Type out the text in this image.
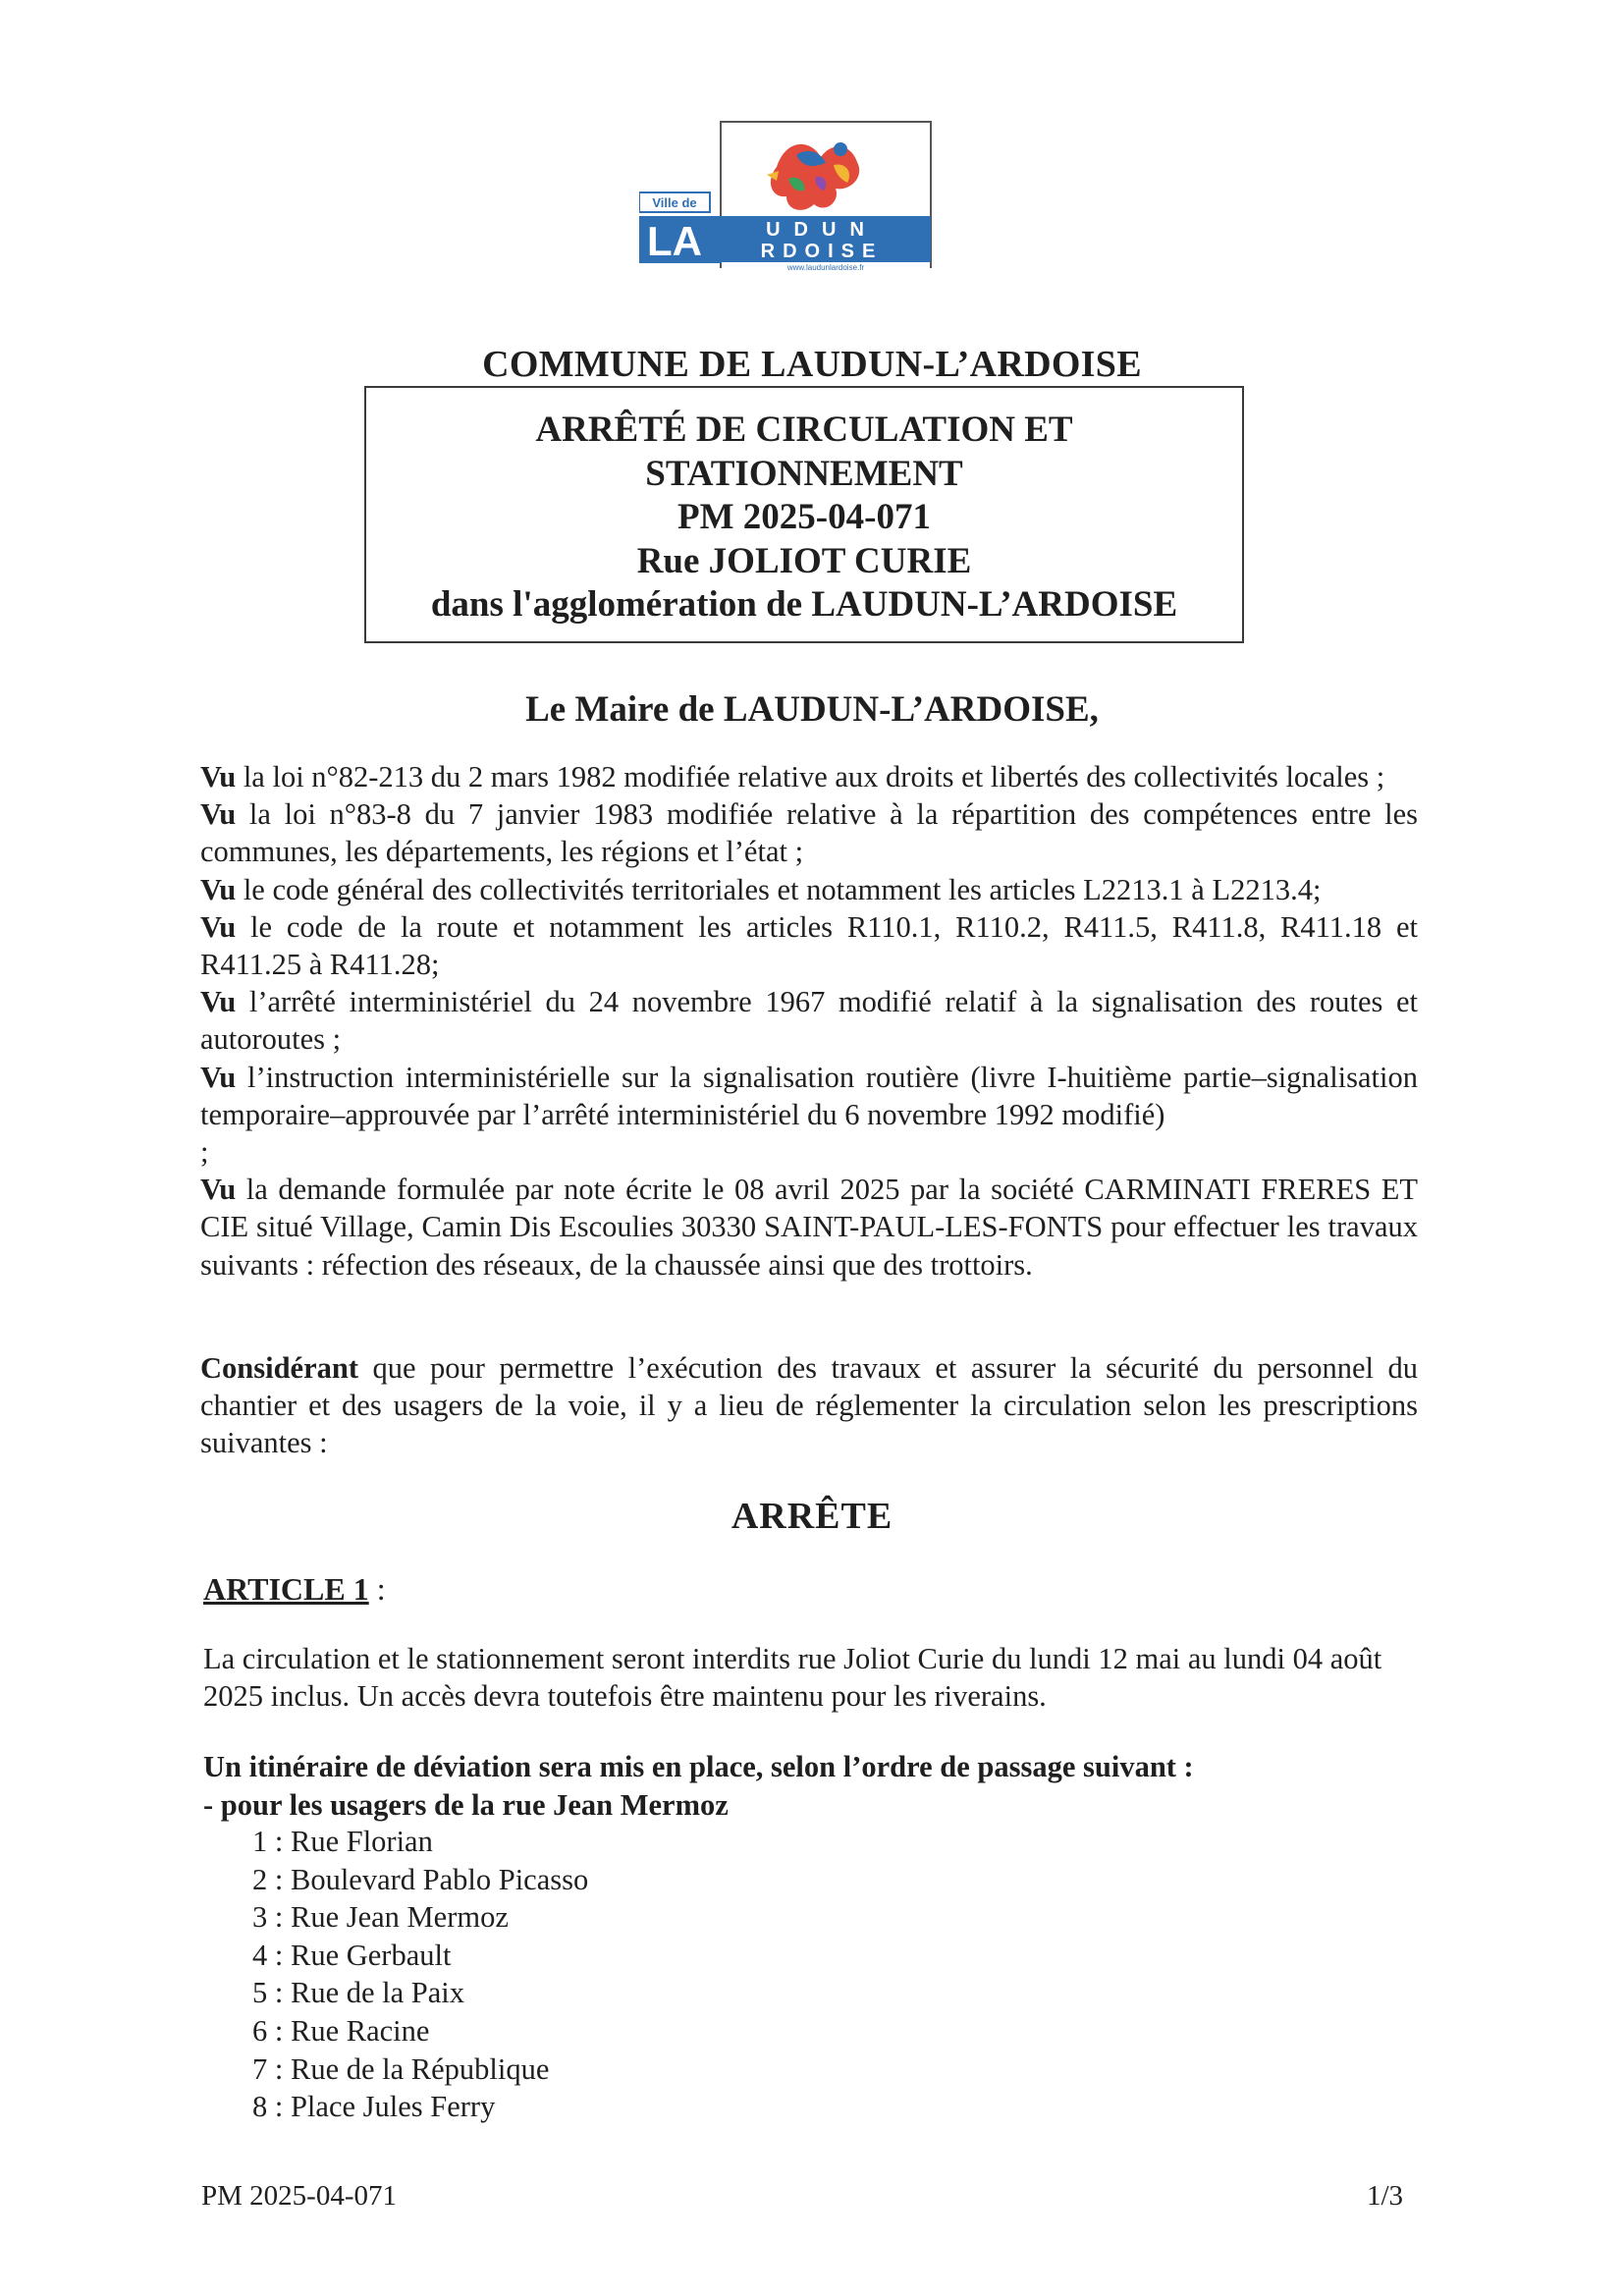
Ville de
LA	UDUN
RDOISE
www.laudunlardoise.fr
COMMUNE DE LAUDUN-L’ARDOISE
ARRÊTÉ DE CIRCULATION ET
STATIONNEMENT
PM 2025-04-071
Rue JOLIOT CURIE
dans l'agglomération de LAUDUN-L’ARDOISE
Le Maire de LAUDUN-L’ARDOISE,

Vu la loi n°82-213 du 2 mars 1982 modifiée relative aux droits et libertés des collectivités locales ;

Vu la loi n°83-8 du 7 janvier 1983 modifiée relative à la répartition des compétences entre les communes, les départements, les régions et l’état ;

Vu le code général des collectivités territoriales et notamment les articles L2213.1 à L2213.4;

Vu le code de la route et notamment les articles R110.1, R110.2, R411.5, R411.8, R411.18 et R411.25 à R411.28;

Vu l’arrêté interministériel du 24 novembre 1967 modifié relatif à la signalisation des routes et autoroutes ;

Vu l’instruction interministérielle sur la signalisation routière (livre I-huitième partie–signalisation temporaire–approuvée par l’arrêté interministériel du 6 novembre 1992 modifié)

;

Vu la demande formulée par note écrite le 08 avril 2025 par la société CARMINATI FRERES ET CIE situé Village, Camin Dis Escoulies 30330 SAINT-PAUL-LES-FONTS pour effectuer les travaux suivants : réfection des réseaux, de la chaussée ainsi que des trottoirs.

Considérant que pour permettre l’exécution des travaux et assurer la sécurité du personnel du chantier et des usagers de la voie, il y a lieu de réglementer la circulation selon les prescriptions suivantes :
ARRÊTE
ARTICLE 1 :
La circulation et le stationnement seront interdits rue Joliot Curie du lundi 12 mai au lundi 04 août 2025 inclus. Un accès devra toutefois être maintenu pour les riverains.
Un itinéraire de déviation sera mis en place, selon l’ordre de passage suivant :
- pour les usagers de la rue Jean Mermoz
1 : Rue Florian
2 : Boulevard Pablo Picasso
3 : Rue Jean Mermoz
4 : Rue Gerbault
5 : Rue de la Paix
6 : Rue Racine
7 : Rue de la République
8 : Place Jules Ferry
PM 2025-04-071	1/3
